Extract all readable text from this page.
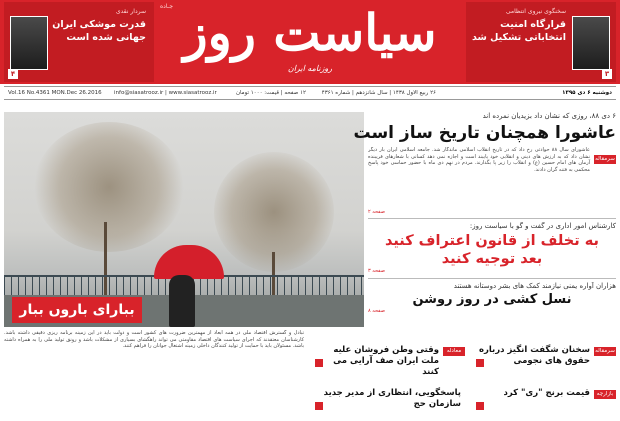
سردار نقدی
قدرت موشکی ایران جهانی شده است
۴
جـاده سیاست روز
روزنامه ایران
سخنگوی نیروی انتظامی
قرارگاه امنیت انتخاباتی تشکیل شد
۳
دوشنبه ۶ دی ۱۳۹۵
۲۶ ربیع الاول ۱۴۳۸ | سال شانزدهم | شماره ۴۳۶۱
۱۲ صفحه | قیمت: ۱۰۰۰ تومان
info@siasatrooz.ir | www.siasatrooz.ir
Vol.16 No.4361 MON.Dec 26.2016
بباراى باروں ببار
۶ دی ۸۸، روزی که نشان داد بزیدیان نمرده اند
عاشورا همچنان تاریخ ساز است
سرمقاله
عاشورای سال ۸۸ حوادثی رخ داد که در تاریخ انقلاب اسلامی ماندگار شد. جامعه اسلامی ایران بار دیگر نشان داد که به ارزش های دینی و انقلابی خود پایبند است و اجازه نمی دهد کسانی با شعارهای فریبنده آرمان های امام حسین (ع) و انقلاب را زیر پا بگذارند. مردم در نهم دی ماه با حضور حماسی خود پاسخ محکمی به فتنه گران دادند.
صفحه ۲
کارشناس امور اداری در گفت و گو با سیاست روز:
به تخلف از قانون اعتراف کنید
بعد توجیه کنید
صفحه ۳
هزاران آواره یمنی نیازمند کمک های بشر دوستانه هستند
نسل کشی در روز روشن
صفحه ۸
تبادل و گسترش اقتصاد ملی در همه ابعاد از مهمترین ضرورت های کشور است و دولت باید در این زمینه برنامه ریزی دقیقی داشته باشد. کارشناسان معتقدند که اجرای سیاست های اقتصاد مقاومتی می تواند راهگشای بسیاری از مشکلات باشد و رونق تولید ملی را به همراه داشته باشد. مسئولان باید با حمایت از تولید کنندگان داخلی زمینه اشتغال جوانان را فراهم کنند.
معادله
وقتی وطن فروشان علیه ملت ایران صف آرایی می کنند
سرمقاله
سخنان شگفت انگیز درباره حقوق های نجومی
پاسخگویی، انتظاری از مدیر جدید سازمان حج
بازارچه
قیمت برنج "ری" کرد
